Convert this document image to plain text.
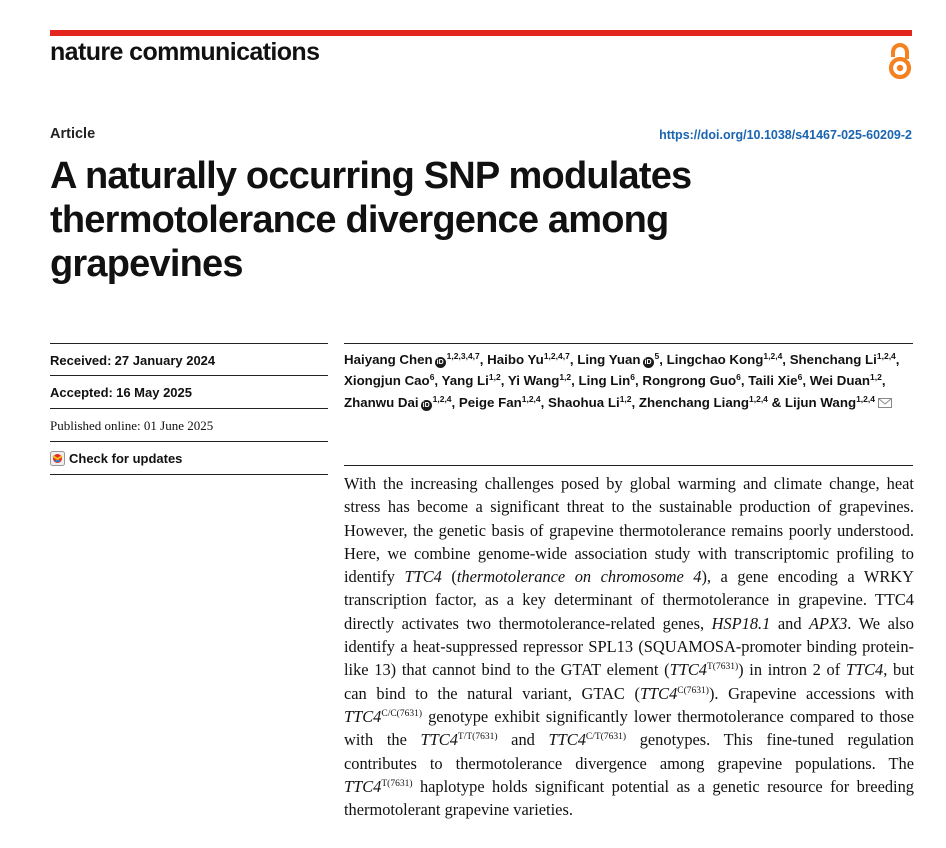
nature communications
Article	https://doi.org/10.1038/s41467-025-60209-2
A naturally occurring SNP modulates
thermotolerance divergence among
grapevines
Received: 27 January 2024
Accepted: 16 May 2025
Published online: 01 June 2025
Check for updates
Haiyang Chen iD$^{1,2,3,4,7}$, Haibo Yu$^{1,2,4,7}$, Ling Yuan $iD^5$, Lingchao Kong$^{1,2,4}$, Shenchang Li$^{1,2,4}$, Xiongjun Cao$^6$, Yang Li$^{1,2}$, Yi Wang$^{1,2}$, Ling Lin$^6$, Rongrong Guo$^6$, Taili Xie$^6$, Wei Duan$^{1,2}$, Zhanwu Dai iD$^{1,2,4}$, Peige Fan$^{1,2,4}$, Shaohua Li$^{1,2}$, Zhenchang Liang$^{1,2,4}$ & Lijun Wang$^{1,2,4}$

With the increasing challenges posed by global warming and climate change, heat stress has become a significant threat to the sustainable production of grapevines. However, the genetic basis of grapevine thermotolerance remains poorly understood. Here, we combine genome-wide association study with transcriptomic profiling to identify TTC4 (thermotolerance on chromosome 4), a gene encoding a WRKY transcription factor, as a key determinant of thermotolerance in grapevine. TTC4 directly activates two thermotolerance-related genes, HSP18.1 and APX3. We also identify a heat-suppressed repressor SPL13 (SQUAMOSA-promoter binding protein-like 13) that cannot bind to the GTAT element $(TTC4^{T(7631)})$ in intron 2 of TTC4, but can bind to the natural variant, GTAC $(TTC4^{C(7631)})$. Grapevine accessions with $TTC4^{C/C(7631)}$ genotype exhibit significantly lower thermotolerance compared to those with the $TTC4^{T/T(7631)}$ and $TTC4^{C/T(7631)}$ genotypes. This fine-tuned regulation contributes to thermotolerance divergence among grapevine populations. The $TTC4^{T(7631)}$ haplotype holds significant potential as a genetic resource for breeding thermotolerant grapevine varieties.
